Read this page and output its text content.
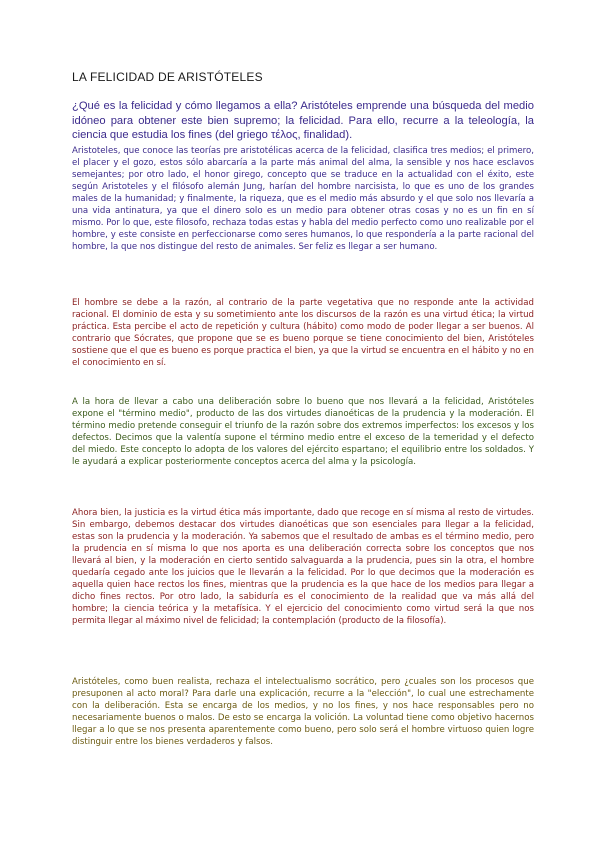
LA FELICIDAD DE ARISTÓTELES

¿Qué es la felicidad y cómo llegamos a ella? Aristóteles emprende una búsqueda del medio idóneo para obtener este bien supremo; la felicidad. Para ello, recurre a la teleología, la ciencia que estudia los fines (del griego τέλος, finalidad).

Aristoteles, que conoce las teorías pre aristotélicas acerca de la felicidad, clasifica tres medios; el primero, el placer y el gozo, estos sólo abarcaría a la parte más animal del alma, la sensible y nos hace esclavos semejantes; por otro lado, el honor girego, concepto que se traduce en la actualidad con el éxito, este según Aristoteles y el filósofo alemán Jung, harían del hombre narcisista, lo que es uno de los grandes males de la humanidad; y finalmente, la riqueza, que es el medio más absurdo y el que solo nos llevaría a una vida antinatura, ya que el dinero solo es un medio para obtener otras cosas y no es un fin en sí mismo. Por lo que, este filosofo, rechaza todas estas y habla del medio perfecto como uno realizable por el hombre, y este consiste en perfeccionarse como seres humanos, lo que respondería a la parte racional del hombre, la que nos distingue del resto de animales. Ser feliz es llegar a ser humano.

El hombre se debe a la razón, al contrario de la parte vegetativa que no responde ante la actividad racional. El dominio de esta y su sometimiento ante los discursos de la razón es una virtud ética; la virtud práctica. Esta percibe el acto de repetición y cultura (hábito) como modo de poder llegar a ser buenos. Al contrario que Sócrates, que propone que se es bueno porque se tiene conocimiento del bien, Aristóteles sostiene que el que es bueno es porque practica el bien, ya que la virtud se encuentra en el hábito y no en el conocimiento en sí.

A la hora de llevar a cabo una deliberación sobre lo bueno que nos llevará a la felicidad, Aristóteles expone el "término medio", producto de las dos virtudes dianoéticas de la prudencia y la moderación. El término medio pretende conseguir el triunfo de la razón sobre dos extremos imperfectos: los excesos y los defectos. Decimos que la valentía supone el término medio entre el exceso de la temeridad y el defecto del miedo. Este concepto lo adopta de los valores del ejército espartano; el equilibrio entre los soldados. Y le ayudará a explicar posteriormente conceptos acerca del alma y la psicología.

Ahora bien, la justicia es la virtud ética más importante, dado que recoge en sí misma al resto de virtudes. Sin embargo, debemos destacar dos virtudes dianoéticas que son esenciales para llegar a la felicidad, estas son la prudencia y la moderación. Ya sabemos que el resultado de ambas es el término medio, pero la prudencia en sí misma lo que nos aporta es una deliberación correcta sobre los conceptos que nos llevará al bien, y la moderación en cierto sentido salvaguarda a la prudencia, pues sin la otra, el hombre quedaría cegado ante los juicios que le llevarán a la felicidad. Por lo que decimos que la moderación es aquella quien hace rectos los fines, mientras que la prudencia es la que hace de los medios para llegar a dicho fines rectos. Por otro lado, la sabiduría es el conocimiento de la realidad que va más allá del hombre; la ciencia teórica y la metafísica. Y el ejercicio del conocimiento como virtud será la que nos permita llegar al máximo nivel de felicidad; la contemplación (producto de la filosofía).

Aristóteles, como buen realista, rechaza el intelectualismo socrático, pero ¿cuales son los procesos que presuponen al acto moral? Para darle una explicación, recurre a la "elección", lo cual une estrechamente con la deliberación. Esta se encarga de los medios, y no los fines, y nos hace responsables pero no necesariamente buenos o malos. De esto se encarga la volición. La voluntad tiene como objetivo hacernos llegar a lo que se nos presenta aparentemente como bueno, pero solo será el hombre virtuoso quien logre distinguir entre los bienes verdaderos y falsos.
